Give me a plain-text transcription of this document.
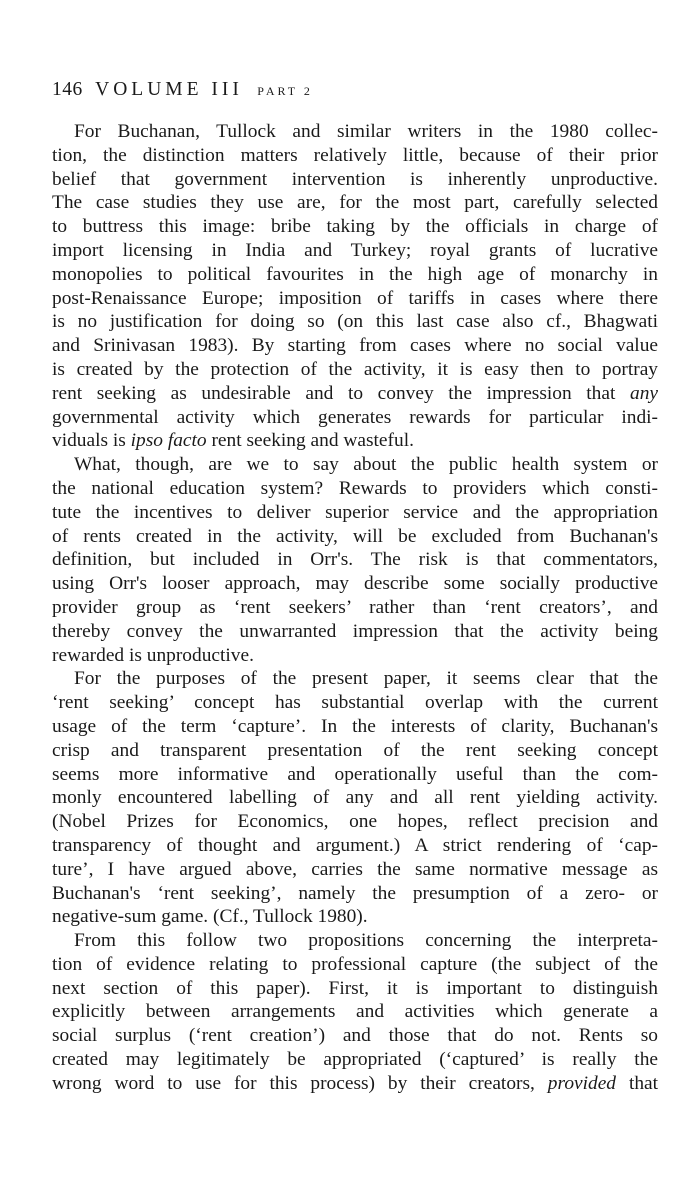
146 VOLUME III PART 2

For Buchanan, Tullock and similar writers in the 1980 collec-
tion, the distinction matters relatively little, because of their prior
belief that government intervention is inherently unproductive.
The case studies they use are, for the most part, carefully selected
to buttress this image: bribe taking by the officials in charge of
import licensing in India and Turkey; royal grants of lucrative
monopolies to political favourites in the high age of monarchy in
post-Renaissance Europe; imposition of tariffs in cases where there
is no justification for doing so (on this last case also cf., Bhagwati
and Srinivasan 1983). By starting from cases where no social value
is created by the protection of the activity, it is easy then to portray
rent seeking as undesirable and to convey the impression that any
governmental activity which generates rewards for particular indi-
viduals is ipso facto rent seeking and wasteful.

What, though, are we to say about the public health system or
the national education system? Rewards to providers which consti-
tute the incentives to deliver superior service and the appropriation
of rents created in the activity, will be excluded from Buchanan's
definition, but included in Orr's. The risk is that commentators,
using Orr's looser approach, may describe some socially productive
provider group as ‘rent seekers’ rather than ‘rent creators’, and
thereby convey the unwarranted impression that the activity being
rewarded is unproductive.

For the purposes of the present paper, it seems clear that the
‘rent seeking’ concept has substantial overlap with the current
usage of the term ‘capture’. In the interests of clarity, Buchanan's
crisp and transparent presentation of the rent seeking concept
seems more informative and operationally useful than the com-
monly encountered labelling of any and all rent yielding activity.
(Nobel Prizes for Economics, one hopes, reflect precision and
transparency of thought and argument.) A strict rendering of ‘cap-
ture’, I have argued above, carries the same normative message as
Buchanan's ‘rent seeking’, namely the presumption of a zero- or
negative-sum game. (Cf., Tullock 1980).

From this follow two propositions concerning the interpreta-
tion of evidence relating to professional capture (the subject of the
next section of this paper). First, it is important to distinguish
explicitly between arrangements and activities which generate a
social surplus (‘rent creation’) and those that do not. Rents so
created may legitimately be appropriated (‘captured’ is really the
wrong word to use for this process) by their creators, provided that
